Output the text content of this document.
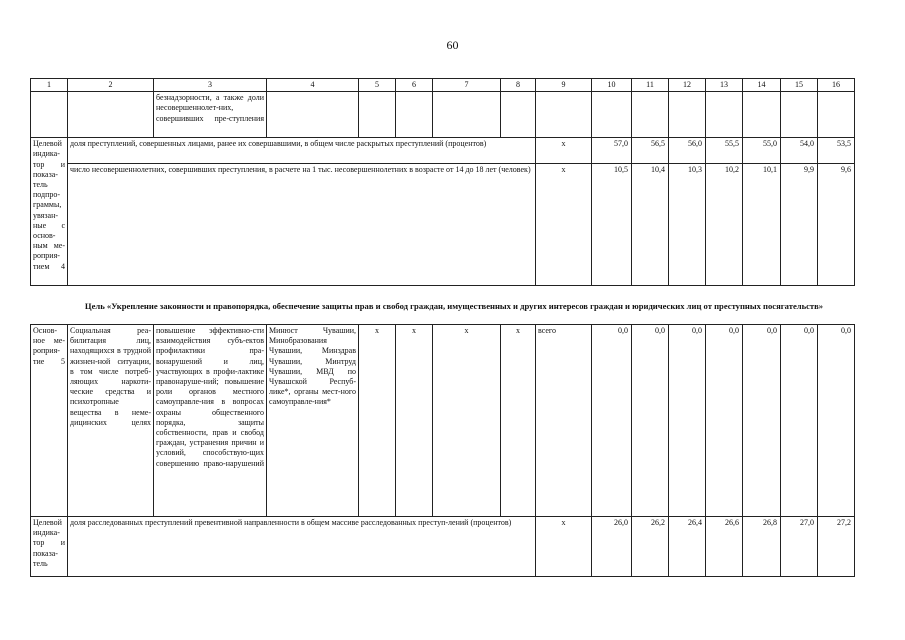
60
1	2	3	4	5	6	7	8	9	10	11	12	13	14	15	16
		безнадзорности, а также доли несовершеннолет-них, совершивших пре-ступления													
Целевой индика-тор и показа-тель подпро-граммы, увязан-ные с основ-ным ме-роприя-тием 4	доля преступлений, совершенных лицами, ранее их совершавшими, в общем числе раскрытых преступлений (процентов)							x	57,0	56,5	56,0	55,5	55,0	54,0	53,5
	число несовершеннолетних, совершивших преступления, в расчете на 1 тыс. несовершеннолетних в возрасте от 14 до 18 лет (человек)							x	10,5	10,4	10,3	10,2	10,1	9,9	9,6
Цель «Укрепление законности и правопорядка, обеспечение защиты прав и свобод граждан, имущественных и других интересов граждан и юридических лиц от преступных посягательств»
Основ-ное ме-роприя-тие 5	Социальная реа-билитация лиц, находящихся в трудной жизнен-ной ситуации, в том числе потреб-ляющих наркоти-ческие средства и психотропные вещества в неме-дицинских целях	повышение эффективно-сти взаимодействия субъ-ектов профилактики пра-вонарушений и лиц, участвующих в профи-лактике правонаруше-ний; повышение роли органов местного самоуправле-ния в вопросах охраны общественного порядка, защиты собственности, прав и свобод граждан, устранения причин и условий, способствую-щих совершению право-нарушений	Минюст Чувашии, Минобразования Чувашии, Минздрав Чувашии, Минтруд Чувашии, МВД по Чувашской Респуб-лике*, органы мест-ного самоуправле-ния*	x	x	x	x	всего	0,0	0,0	0,0	0,0	0,0	0,0	0,0
Целевой индика-тор и показа-тель	доля расследованных преступлений превентивной направленности в общем массиве расследованных преступ-лений (процентов)							x	26,0	26,2	26,4	26,6	26,8	27,0	27,2
